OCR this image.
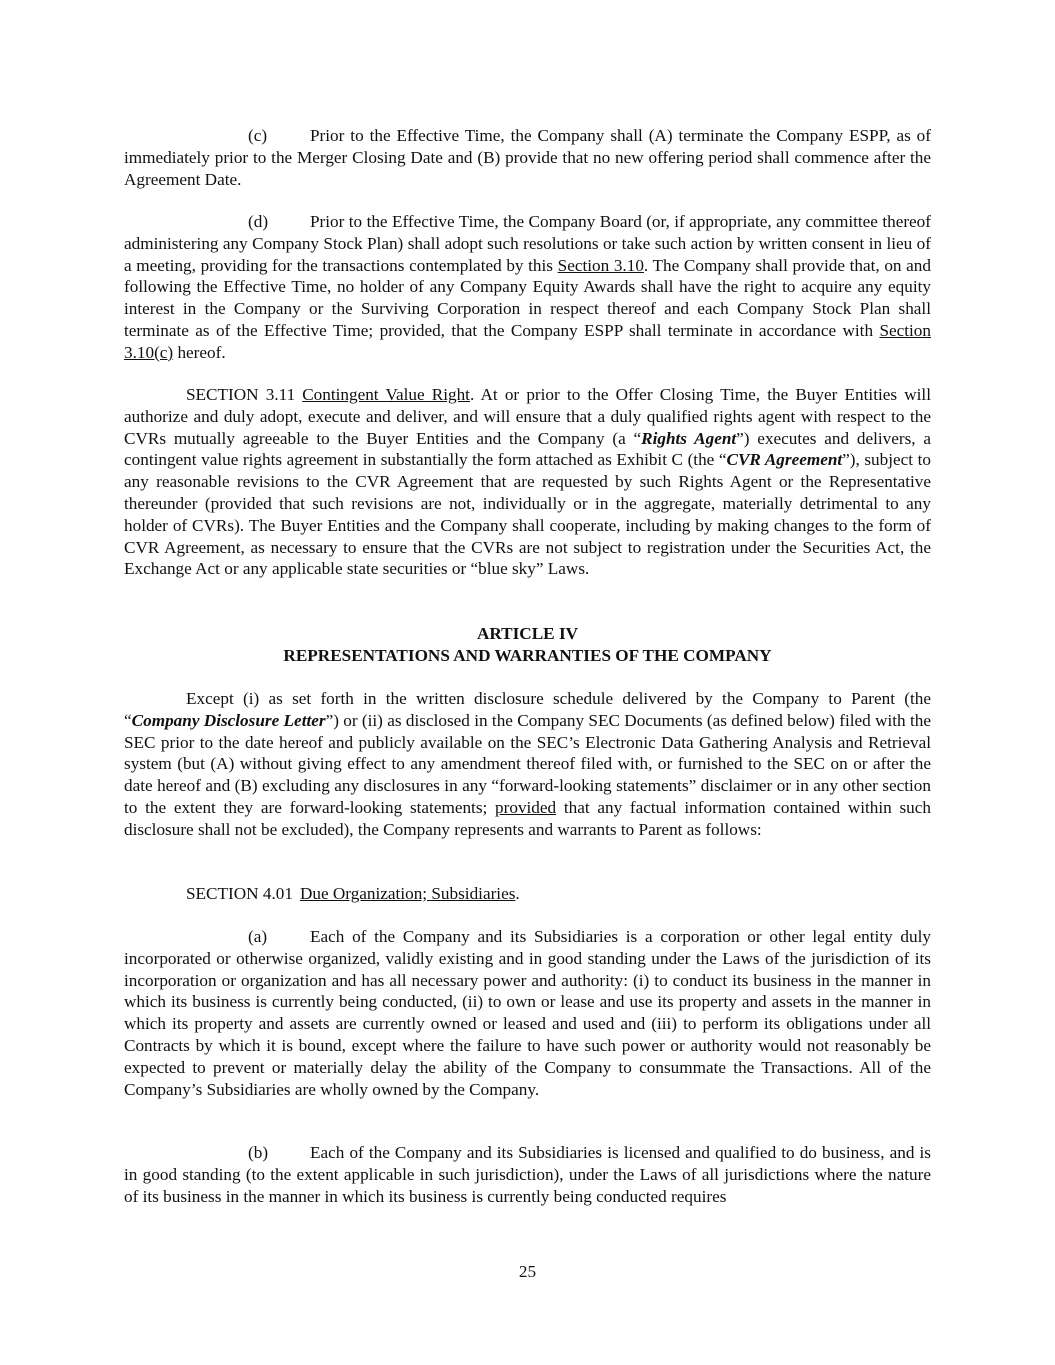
(c) Prior to the Effective Time, the Company shall (A) terminate the Company ESPP, as of immediately prior to the Merger Closing Date and (B) provide that no new offering period shall commence after the Agreement Date.

(d) Prior to the Effective Time, the Company Board (or, if appropriate, any committee thereof administering any Company Stock Plan) shall adopt such resolutions or take such action by written consent in lieu of a meeting, providing for the transactions contemplated by this Section 3.10. The Company shall provide that, on and following the Effective Time, no holder of any Company Equity Awards shall have the right to acquire any equity interest in the Company or the Surviving Corporation in respect thereof and each Company Stock Plan shall terminate as of the Effective Time; provided, that the Company ESPP shall terminate in accordance with Section 3.10(c) hereof.

SECTION 3.11 Contingent Value Right. At or prior to the Offer Closing Time, the Buyer Entities will authorize and duly adopt, execute and deliver, and will ensure that a duly qualified rights agent with respect to the CVRs mutually agreeable to the Buyer Entities and the Company (a “Rights Agent”) executes and delivers, a contingent value rights agreement in substantially the form attached as Exhibit C (the “CVR Agreement”), subject to any reasonable revisions to the CVR Agreement that are requested by such Rights Agent or the Representative thereunder (provided that such revisions are not, individually or in the aggregate, materially detrimental to any holder of CVRs). The Buyer Entities and the Company shall cooperate, including by making changes to the form of CVR Agreement, as necessary to ensure that the CVRs are not subject to registration under the Securities Act, the Exchange Act or any applicable state securities or “blue sky” Laws.

ARTICLE IV

REPRESENTATIONS AND WARRANTIES OF THE COMPANY

Except (i) as set forth in the written disclosure schedule delivered by the Company to Parent (the “Company Disclosure Letter”) or (ii) as disclosed in the Company SEC Documents (as defined below) filed with the SEC prior to the date hereof and publicly available on the SEC’s Electronic Data Gathering Analysis and Retrieval system (but (A) without giving effect to any amendment thereof filed with, or furnished to the SEC on or after the date hereof and (B) excluding any disclosures in any “forward-looking statements” disclaimer or in any other section to the extent they are forward-looking statements; provided that any factual information contained within such disclosure shall not be excluded), the Company represents and warrants to Parent as follows:

SECTION 4.01 Due Organization; Subsidiaries.

(a) Each of the Company and its Subsidiaries is a corporation or other legal entity duly incorporated or otherwise organized, validly existing and in good standing under the Laws of the jurisdiction of its incorporation or organization and has all necessary power and authority: (i) to conduct its business in the manner in which its business is currently being conducted, (ii) to own or lease and use its property and assets in the manner in which its property and assets are currently owned or leased and used and (iii) to perform its obligations under all Contracts by which it is bound, except where the failure to have such power or authority would not reasonably be expected to prevent or materially delay the ability of the Company to consummate the Transactions. All of the Company’s Subsidiaries are wholly owned by the Company.

(b) Each of the Company and its Subsidiaries is licensed and qualified to do business, and is in good standing (to the extent applicable in such jurisdiction), under the Laws of all jurisdictions where the nature of its business in the manner in which its business is currently being conducted requires

25
